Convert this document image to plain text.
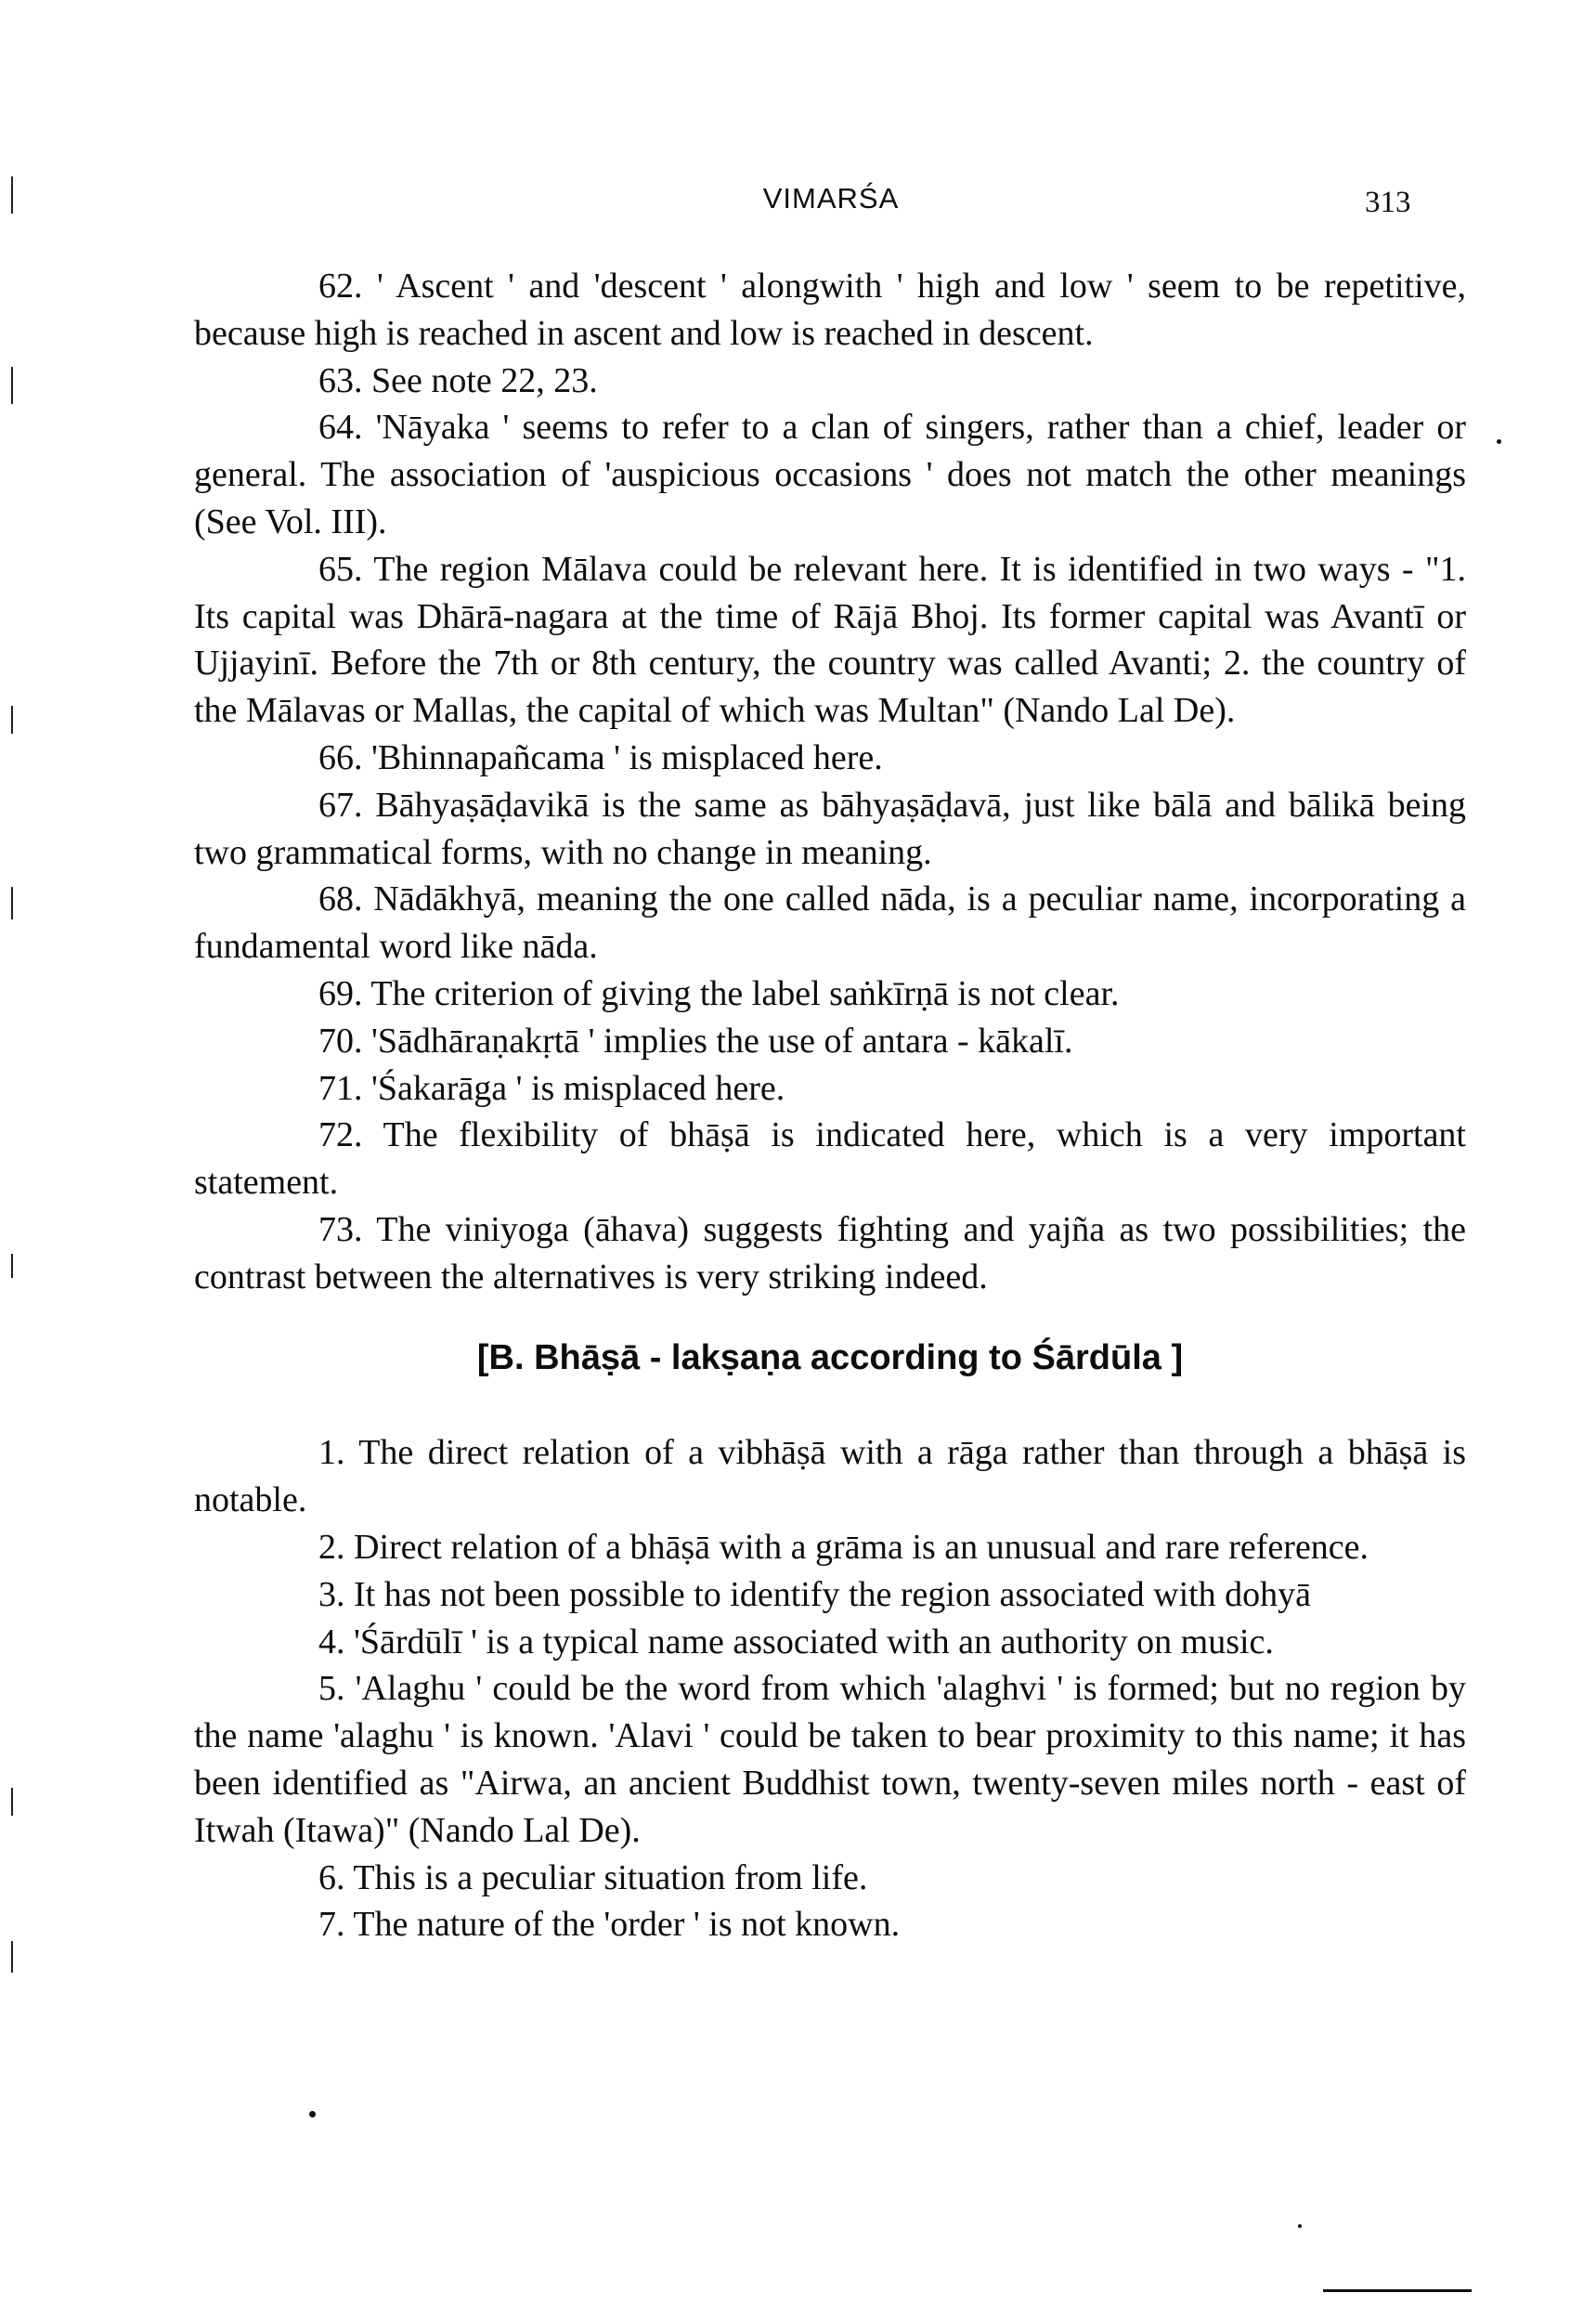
VIMARŚA	313

62. ' Ascent ' and 'descent ' alongwith ' high and low ' seem to be repetitive, because high is reached in ascent and low is reached in descent.

63. See note 22, 23.

64. 'Nāyaka ' seems to refer to a clan of singers, rather than a chief, leader or general. The association of 'auspicious occasions ' does not match the other meanings (See Vol. III).

65. The region Mālava could be relevant here. It is identified in two ways - "1. Its capital was Dhārā-nagara at the time of Rājā Bhoj. Its former capital was Avantī or Ujjayinī. Before the 7th or 8th century, the country was called Avanti; 2. the country of the Mālavas or Mallas, the capital of which was Multan" (Nando Lal De).

66. 'Bhinnapañcama ' is misplaced here.

67. Bāhyaṣāḍavikā is the same as bāhyaṣāḍavā, just like bālā and bālikā being two grammatical forms, with no change in meaning.

68. Nādākhyā, meaning the one called nāda, is a peculiar name, incorporating a fundamental word like nāda.

69. The criterion of giving the label saṅkīrṇā is not clear.

70. 'Sādhāraṇakṛtā ' implies the use of antara - kākalī.

71. 'Śakarāga ' is misplaced here.

72. The flexibility of bhāṣā is indicated here, which is a very important statement.

73. The viniyoga (āhava) suggests fighting and yajña as two possibilities; the contrast between the alternatives is very striking indeed.

[B. Bhāṣā - lakṣaṇa according to Śārdūla ]

1. The direct relation of a vibhāṣā with a rāga rather than through a bhāṣā is notable.

2. Direct relation of a bhāṣā with a grāma is an unusual and rare reference.

3. It has not been possible to identify the region associated with dohyā

4. 'Śārdūlī ' is a typical name associated with an authority on music.

5. 'Alaghu ' could be the word from which 'alaghvi ' is formed; but no region by the name 'alaghu ' is known. 'Alavi ' could be taken to bear proximity to this name; it has been identified as "Airwa, an ancient Buddhist town, twenty-seven miles north - east of Itwah (Itawa)" (Nando Lal De).

6. This is a peculiar situation from life.

7. The nature of the 'order ' is not known.
